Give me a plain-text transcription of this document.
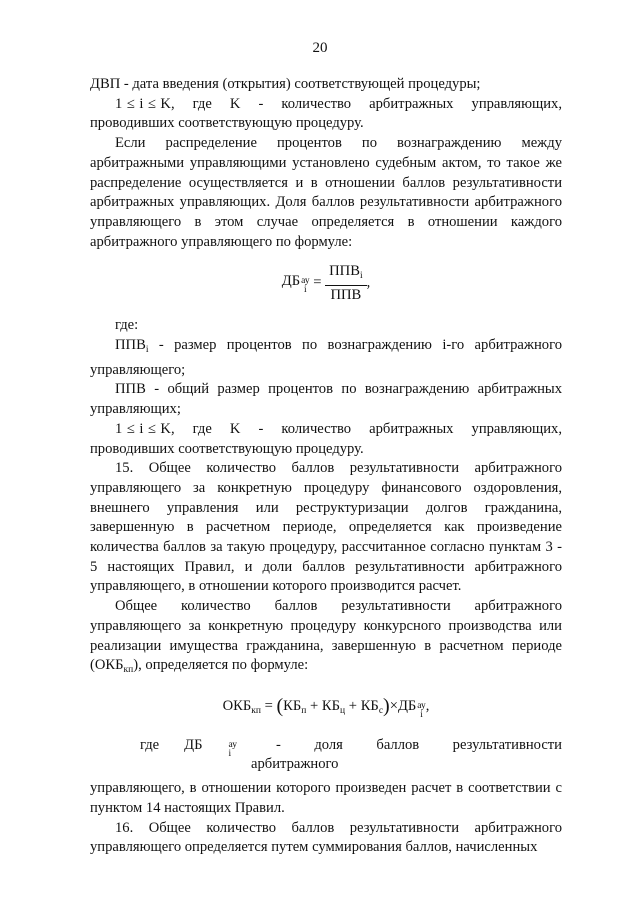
20

ДВП - дата введения (открытия) соответствующей процедуры;

1 ≤ i ≤ K,    где    K    -    количество    арбитражных    управляющих,

проводивших соответствующую процедуру.

Если распределение процентов по вознаграждению между арбитражными управляющими установлено судебным актом, то такое же распределение осуществляется и в отношении баллов результативности арбитражных управляющих. Доля баллов результативности арбитражного управляющего в этом случае определяется в отношении каждого арбитражного управляющего по формуле:

ДБ ау
$i = \frac{ППВ_i}{\text{ППВ}}$ ,

где:

$ППВ_i$ - размер процентов по вознаграждению i-го арбитражного

управляющего;

ППВ - общий размер процентов по вознаграждению арбитражных

управляющих;

1 ≤ i ≤ K,    где    K    -    количество    арбитражных    управляющих,

проводивших соответствующую процедуру.

15. Общее количество баллов результативности арбитражного управляющего за конкретную процедуру финансового оздоровления, внешнего управления или реструктуризации долгов гражданина, завершенную в расчетном периоде, определяется как произведение количества баллов за такую процедуру, рассчитанное согласно пунктам 3 - 5 настоящих Правил, и доли баллов результативности арбитражного управляющего, в отношении которого производится расчет.

Общее количество баллов результативности арбитражного управляющего за конкретную процедуру конкурсного производства или реализации имущества гражданина, завершенную в расчетном периоде $(ОКБ_{кп})$, определяется по формуле:

$ОКБ_{кп} = (КБ_п + КБ_ц + КБ_с)\times ДБ$ ау
i
,
где	ДБ	ау
i
- доля баллов результативности арбитражного

управляющего, в отношении которого произведен расчет в соответствии с пунктом 14 настоящих Правил.

16. Общее количество баллов результативности арбитражного управляющего определяется путем суммирования баллов, начисленных
